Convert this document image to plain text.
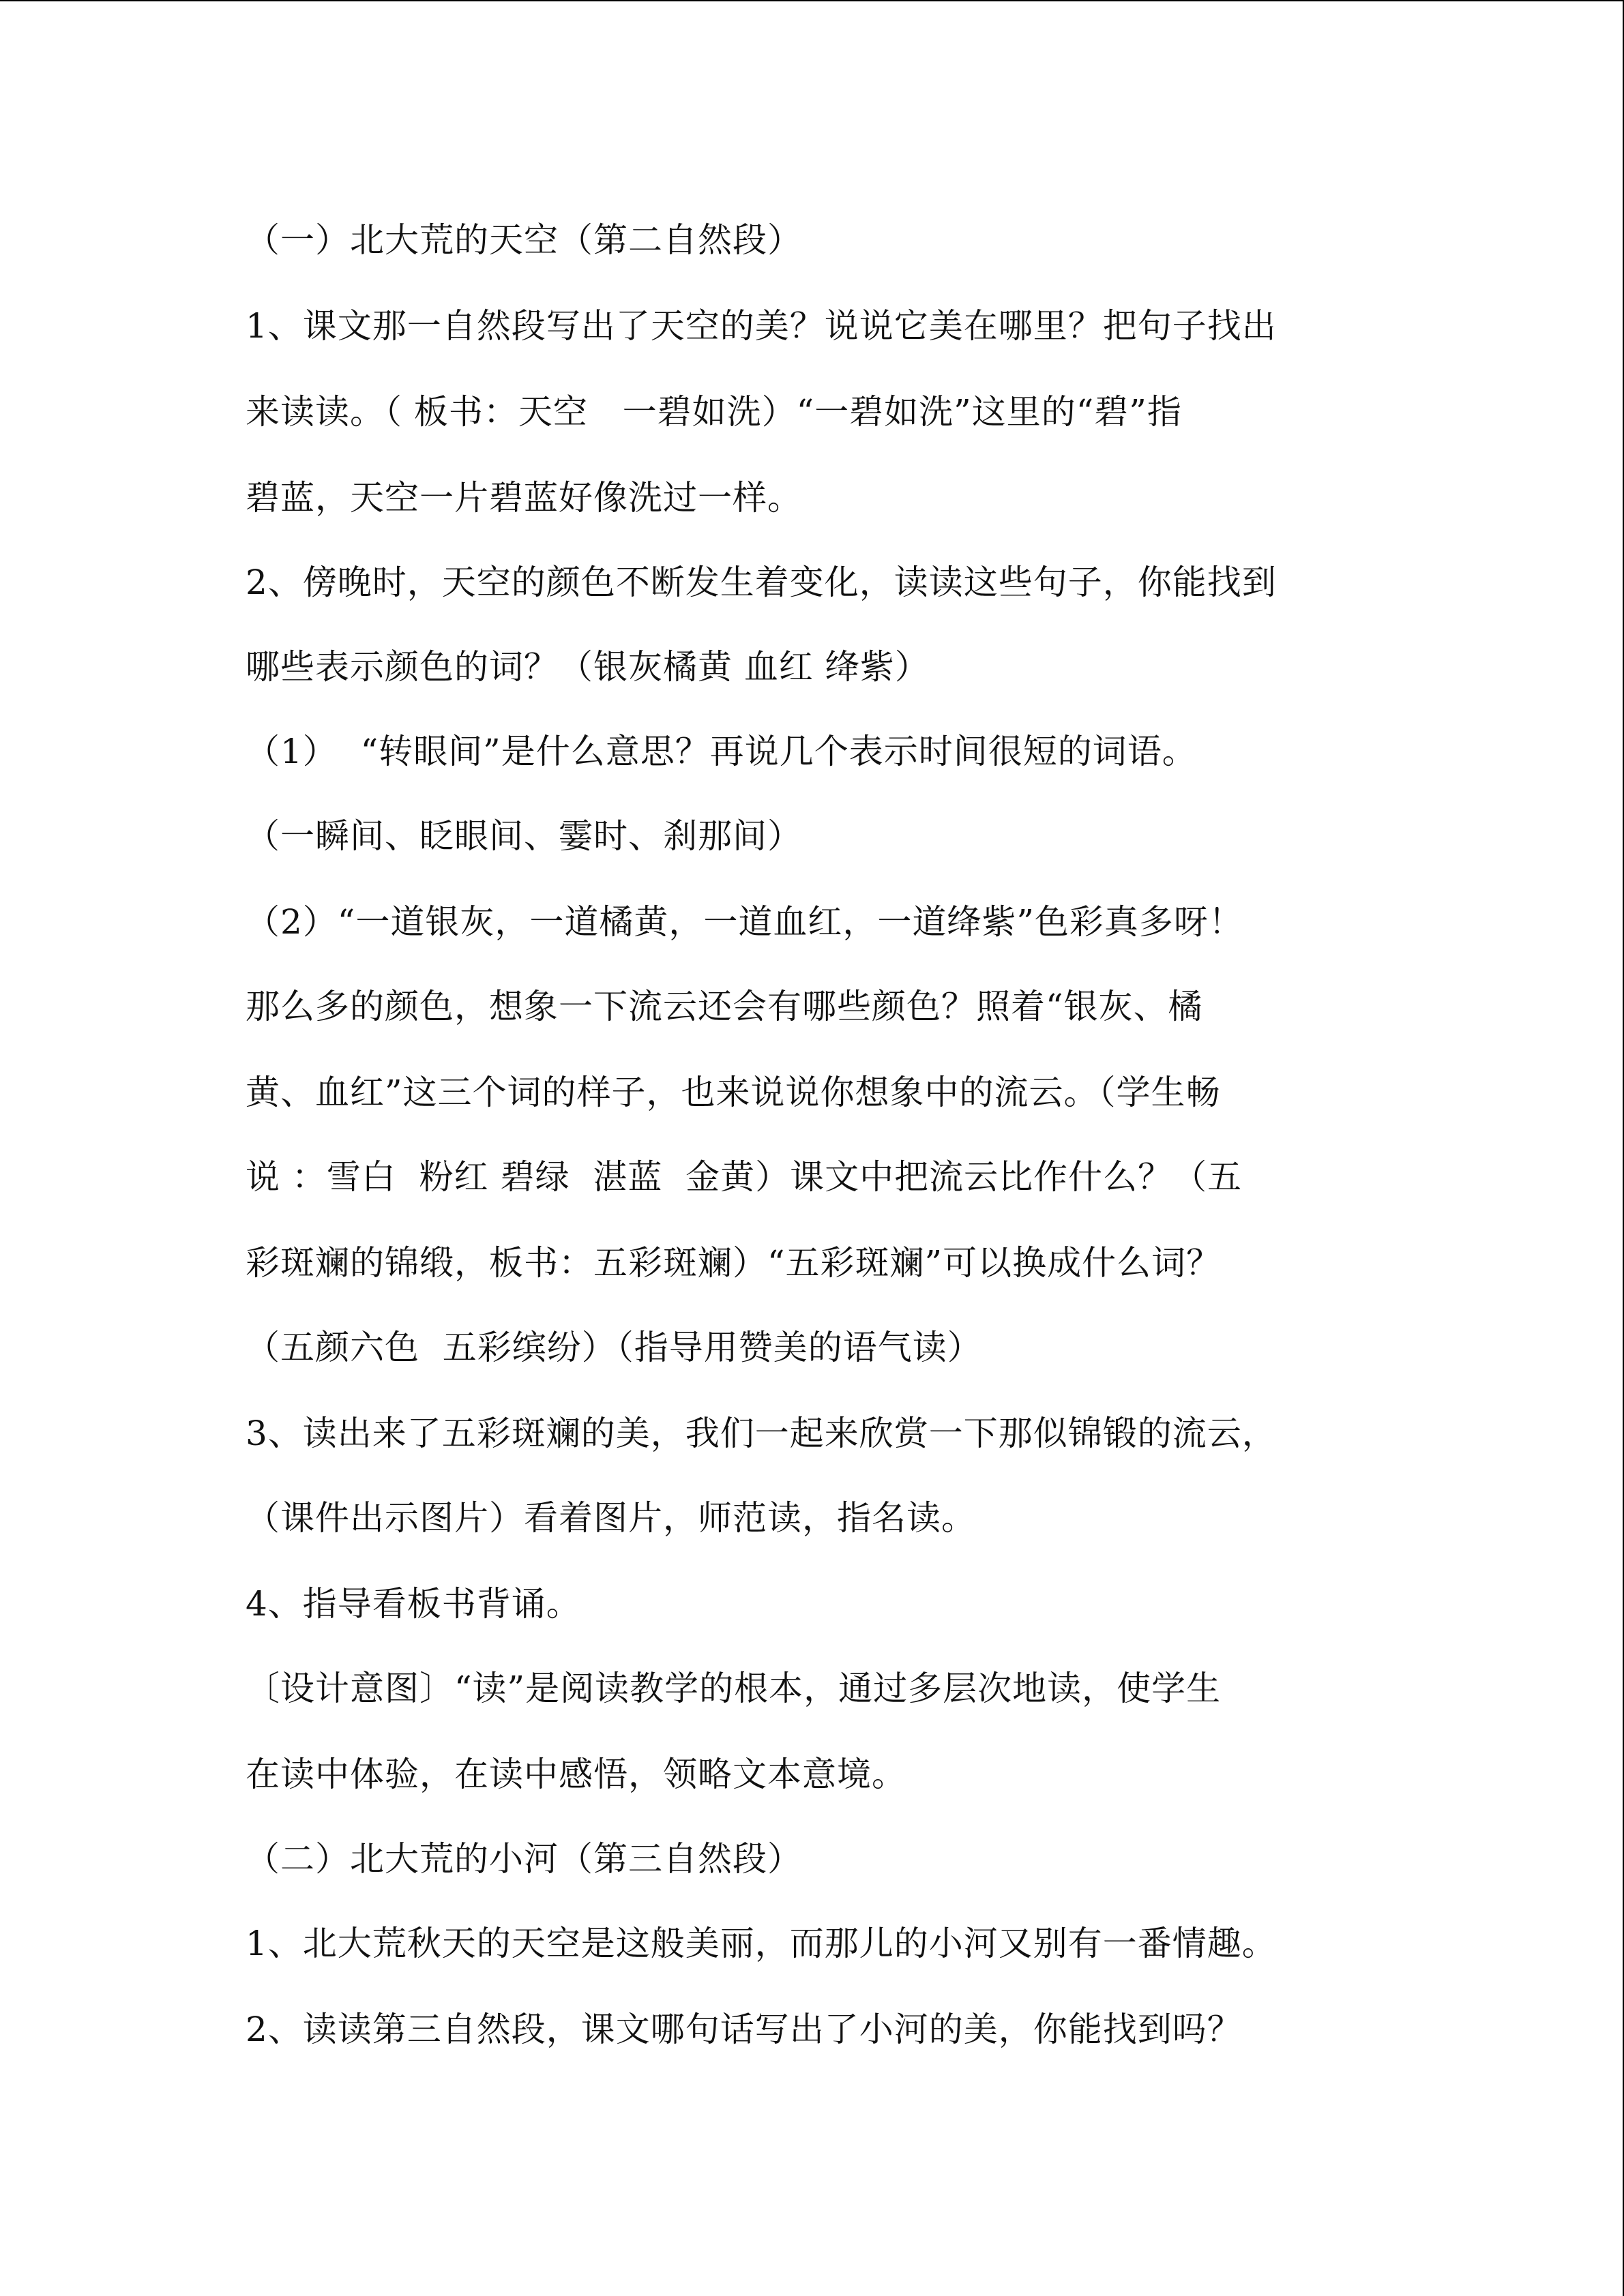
（一）北大荒的天空（第二自然段）
1、课文那一自然段写出了天空的美？说说它美在哪里？把句子找出
来读读。（ 板书：天空   一碧如洗）“一碧如洗”这里的“碧”指
碧蓝，天空一片碧蓝好像洗过一样。
2、傍晚时，天空的颜色不断发生着变化，读读这些句子，你能找到
哪些表示颜色的词？（银灰橘黄 血红 绛紫）
（1）  “转眼间”是什么意思？再说几个表示时间很短的词语。
（一瞬间、眨眼间、霎时、刹那间）
（2）“一道银灰，一道橘黄，一道血红，一道绛紫”色彩真多呀！
那么多的颜色，想象一下流云还会有哪些颜色？照着“银灰、橘
黄、血红”这三个词的样子，也来说说你想象中的流云。（学生畅
说 ：雪白  粉红 碧绿  湛蓝  金黄）课文中把流云比作什么？（五
彩斑斓的锦缎，板书：五彩斑斓）“五彩斑斓”可以换成什么词？
（五颜六色  五彩缤纷）（指导用赞美的语气读）
3、读出来了五彩斑斓的美，我们一起来欣赏一下那似锦锻的流云，
（课件出示图片）看着图片，师范读，指名读。
4、指导看板书背诵。
〔设计意图〕“读”是阅读教学的根本，通过多层次地读，使学生
在读中体验，在读中感悟，领略文本意境。
（二）北大荒的小河（第三自然段）
1、北大荒秋天的天空是这般美丽，而那儿的小河又别有一番情趣。
2、读读第三自然段，课文哪句话写出了小河的美，你能找到吗？
